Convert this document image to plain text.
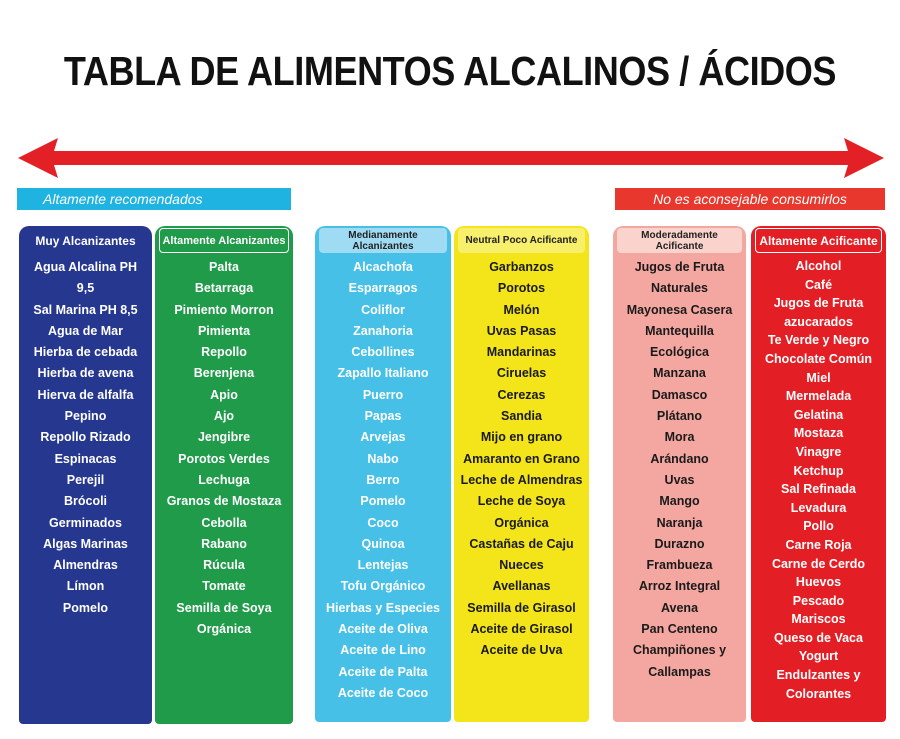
TABLA DE ALIMENTOS ALCALINOS / ÁCIDOS
Altamente recomendados	No es aconsejable consumirlos
Muy Alcanizantes
Agua Alcalina PH
9,5
Sal Marina PH 8,5
Agua de Mar
Hierba de cebada
Hierba de avena
Hierva de alfalfa
Pepino
Repollo Rizado
Espinacas
Perejil
Brócoli
Germinados
Algas Marinas
Almendras
Límon
Pomelo
Altamente Alcanizantes
Palta
Betarraga
Pimiento Morron
Pimienta
Repollo
Berenjena
Apio
Ajo
Jengibre
Porotos Verdes
Lechuga
Granos de Mostaza
Cebolla
Rabano
Rúcula
Tomate
Semilla de Soya
Orgánica
Medianamente Alcanizantes
Alcachofa
Esparragos
Coliflor
Zanahoria
Cebollines
Zapallo Italiano
Puerro
Papas
Arvejas
Nabo
Berro
Pomelo
Coco
Quinoa
Lentejas
Tofu Orgánico
Hierbas y Especies
Aceite de Oliva
Aceite de Lino
Aceite de Palta
Aceite de Coco
Neutral Poco Acificante
Garbanzos
Porotos
Melón
Uvas Pasas
Mandarinas
Ciruelas
Cerezas
Sandia
Mijo en grano
Amaranto en Grano
Leche de Almendras
Leche de Soya
Orgánica
Castañas de Caju
Nueces
Avellanas
Semilla de Girasol
Aceite de Girasol
Aceite de Uva
Moderadamente Acificante
Jugos de Fruta
Naturales
Mayonesa Casera
Mantequilla
Ecológica
Manzana
Damasco
Plátano
Mora
Arándano
Uvas
Mango
Naranja
Durazno
Frambueza
Arroz Integral
Avena
Pan Centeno
Champiñones y
Callampas
Altamente Acificante
Alcohol
Café
Jugos de Fruta
azucarados
Te Verde y Negro
Chocolate Común
Miel
Mermelada
Gelatina
Mostaza
Vinagre
Ketchup
Sal Refinada
Levadura
Pollo
Carne Roja
Carne de Cerdo
Huevos
Pescado
Mariscos
Queso de Vaca
Yogurt
Endulzantes y
Colorantes
